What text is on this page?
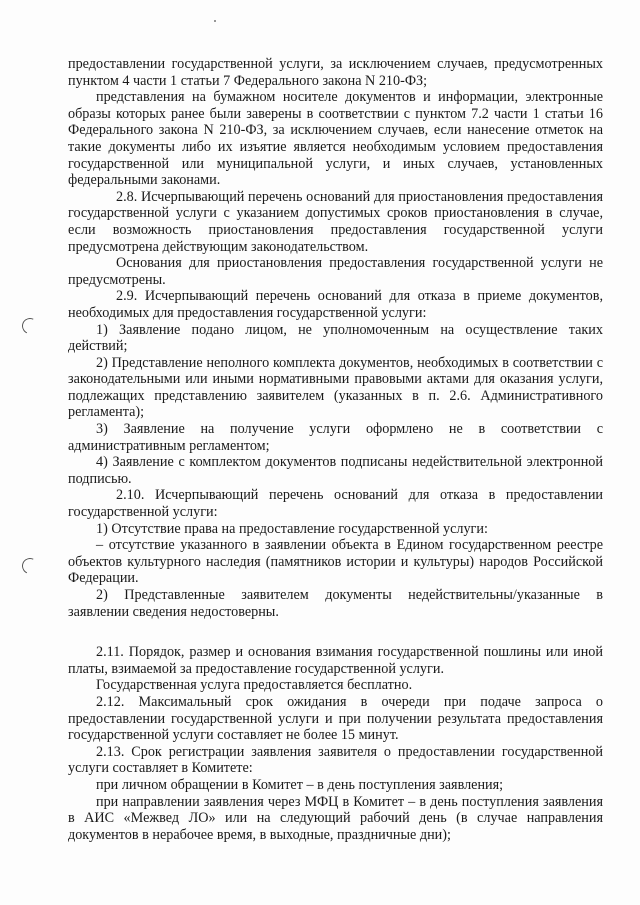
предоставлении государственной услуги, за исключением случаев, предусмотренных пунктом 4 части 1 статьи 7 Федерального закона N 210-ФЗ;

представления на бумажном носителе документов и информации, электронные образы которых ранее были заверены в соответствии с пунктом 7.2 части 1 статьи 16 Федерального закона N 210-ФЗ, за исключением случаев, если нанесение отметок на такие документы либо их изъятие является необходимым условием предоставления государственной или муниципальной услуги, и иных случаев, установленных федеральными законами.

2.8. Исчерпывающий перечень оснований для приостановления предоставления государственной услуги с указанием допустимых сроков приостановления в случае, если возможность приостановления предоставления государственной услуги предусмотрена действующим законодательством.

Основания для приостановления предоставления государственной услуги не предусмотрены.

2.9. Исчерпывающий перечень оснований для отказа в приеме документов, необходимых для предоставления государственной услуги:

1) Заявление подано лицом, не уполномоченным на осуществление таких действий;

2) Представление неполного комплекта документов, необходимых в соответствии с законодательными или иными нормативными правовыми актами для оказания услуги, подлежащих представлению заявителем (указанных в п. 2.6. Административного регламента);

3) Заявление на получение услуги оформлено не в соответствии с административным регламентом;

4) Заявление с комплектом документов подписаны недействительной электронной подписью.

2.10. Исчерпывающий перечень оснований для отказа в предоставлении государственной услуги:

1) Отсутствие права на предоставление государственной услуги:

– отсутствие указанного в заявлении объекта в Едином государственном реестре объектов культурного наследия (памятников истории и культуры) народов Российской Федерации.

2) Представленные заявителем документы недействительны/указанные в заявлении сведения недостоверны.

2.11. Порядок, размер и основания взимания государственной пошлины или иной платы, взимаемой за предоставление государственной услуги.

Государственная услуга предоставляется бесплатно.

2.12. Максимальный срок ожидания в очереди при подаче запроса о предоставлении государственной услуги и при получении результата предоставления государственной услуги составляет не более 15 минут.

2.13. Срок регистрации заявления заявителя о предоставлении государственной услуги составляет в Комитете:

при личном обращении в Комитет – в день поступления заявления;

при направлении заявления через МФЦ в Комитет – в день поступления заявления в АИС «Межвед ЛО» или на следующий рабочий день (в случае направления документов в нерабочее время, в выходные, праздничные дни);
